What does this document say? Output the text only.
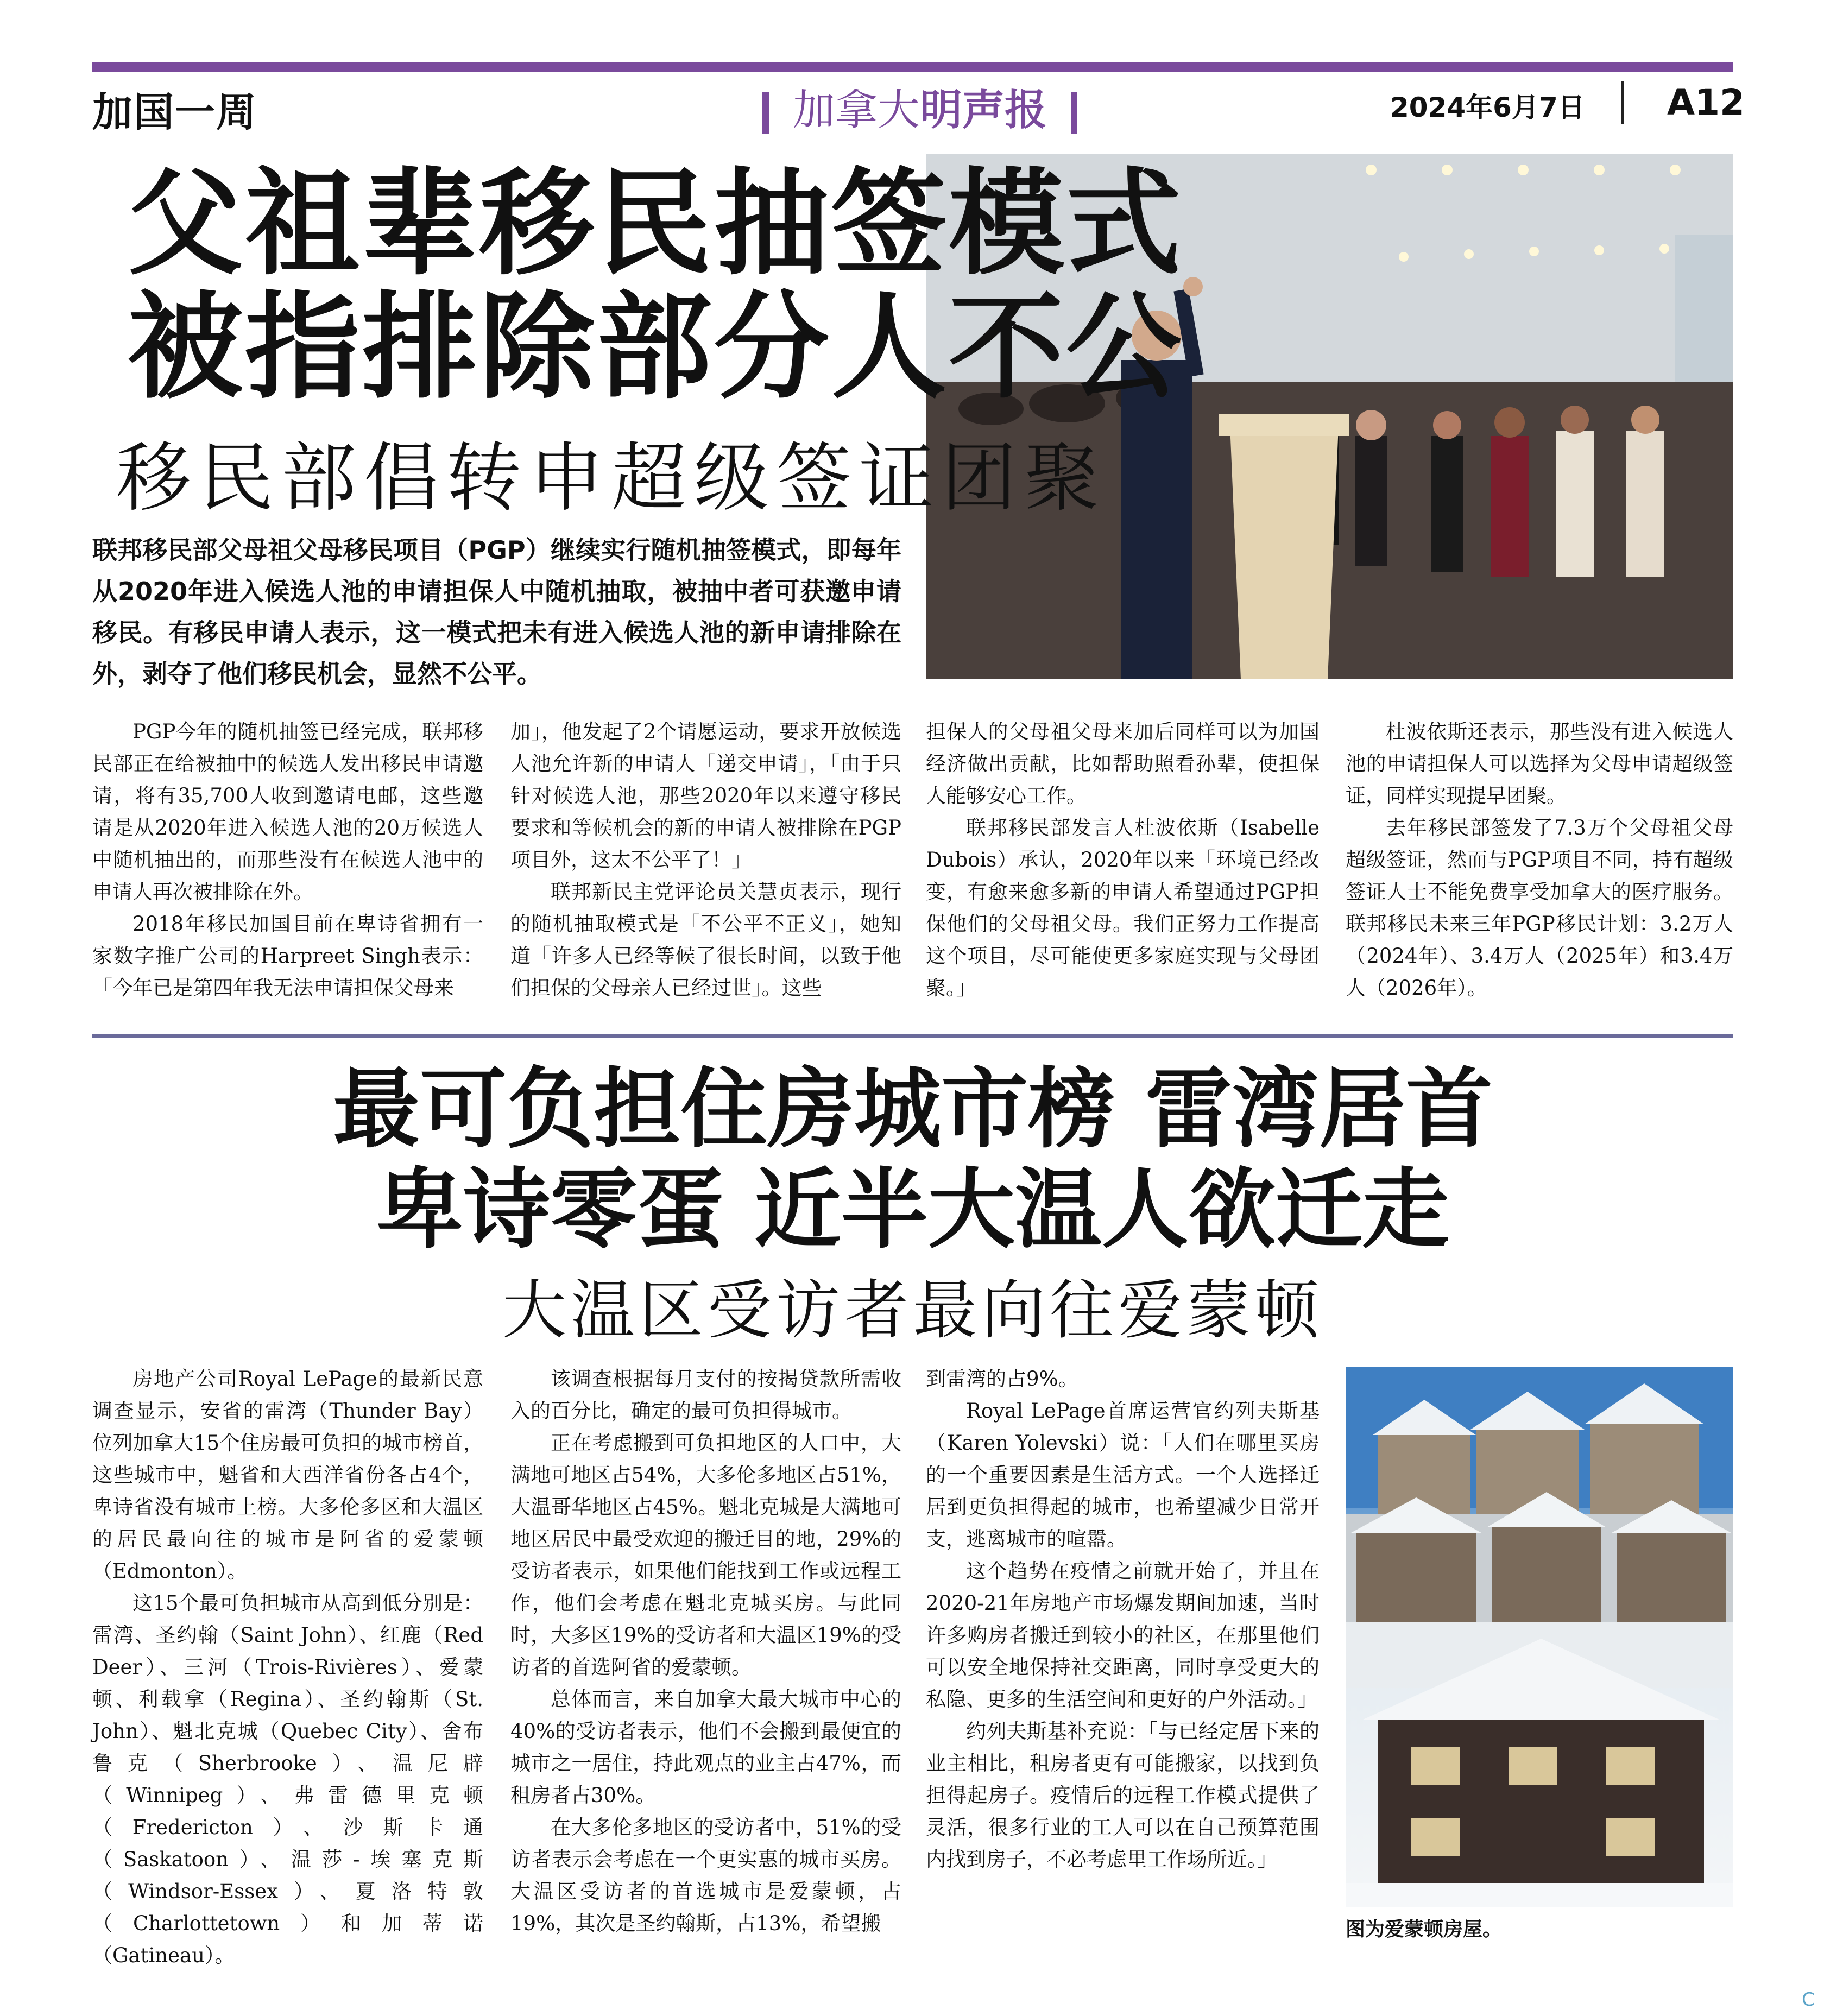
加国一周	加拿大明声报	2024年6月7日 A12
父祖辈移民抽签模式
被指排除部分人不公
移民部倡转申超级签证团聚
联邦移民部父母祖父母移民项目（PGP）继续实行随机抽签模式，即每年从2020年进入候选人池的申请担保人中随机抽取，被抽中者可获邀申请移民。有移民申请人表示，这一模式把未有进入候选人池的新申请排除在外，剥夺了他们移民机会，显然不公平。

PGP今年的随机抽签已经完成，联邦移民部正在给被抽中的候选人发出移民申请邀请，将有35,700人收到邀请电邮，这些邀请是从2020年进入候选人池的20万候选人中随机抽出的，而那些没有在候选人池中的申请人再次被排除在外。

2018年移民加国目前在卑诗省拥有一家数字推广公司的Harpreet Singh表示：「今年已是第四年我无法申请担保父母来

加」，他发起了2个请愿运动，要求开放候选人池允许新的申请人「递交申请」，「由于只针对候选人池，那些2020年以来遵守移民要求和等候机会的新的申请人被排除在PGP项目外，这太不公平了！」

联邦新民主党评论员关慧贞表示，现行的随机抽取模式是「不公平不正义」，她知道「许多人已经等候了很长时间，以致于他们担保的父母亲人已经过世」。这些

担保人的父母祖父母来加后同样可以为加国经济做出贡献，比如帮助照看孙辈，使担保人能够安心工作。

联邦移民部发言人杜波依斯（Isabelle Dubois）承认，2020年以来「环境已经改变，有愈来愈多新的申请人希望通过PGP担保他们的父母祖父母。我们正努力工作提高这个项目，尽可能使更多家庭实现与父母团聚。」

杜波依斯还表示，那些没有进入候选人池的申请担保人可以选择为父母申请超级签证，同样实现提早团聚。

去年移民部签发了7.3万个父母祖父母超级签证，然而与PGP项目不同，持有超级签证人士不能免费享受加拿大的医疗服务。联邦移民未来三年PGP移民计划：3.2万人（2024年）、3.4万人（2025年）和3.4万人（2026年）。

最可负担住房城市榜 雷湾居首
卑诗零蛋 近半大温人欲迁走
大温区受访者最向往爱蒙顿

房地产公司Royal LePage的最新民意调查显示，安省的雷湾（Thunder Bay）位列加拿大15个住房最可负担的城市榜首，这些城市中，魁省和大西洋省份各占4个，卑诗省没有城市上榜。大多伦多区和大温区的居民最向往的城市是阿省的爱蒙顿（Edmonton）。

这15个最可负担城市从高到低分别是：雷湾、圣约翰（Saint John）、红鹿（Red Deer）、三河（Trois-Rivières）、爱蒙顿、利载拿（Regina）、圣约翰斯（St. John）、魁北克城（Quebec City）、舍布鲁克（Sherbrooke）、温尼辟（Winnipeg）、弗雷德里克顿（Fredericton）、沙斯卡通（Saskatoon）、温莎-埃塞克斯（Windsor-Essex）、夏洛特敦（Charlottetown）和加蒂诺（Gatineau）。

该调查根据每月支付的按揭贷款所需收入的百分比，确定的最可负担得城市。

正在考虑搬到可负担地区的人口中，大满地可地区占54%，大多伦多地区占51%，大温哥华地区占45%。魁北克城是大满地可地区居民中最受欢迎的搬迁目的地，29%的受访者表示，如果他们能找到工作或远程工作，他们会考虑在魁北克城买房。与此同时，大多区19%的受访者和大温区19%的受访者的首选阿省的爱蒙顿。

总体而言，来自加拿大最大城市中心的40%的受访者表示，他们不会搬到最便宜的城市之一居住，持此观点的业主占47%，而租房者占30%。

在大多伦多地区的受访者中，51%的受访者表示会考虑在一个更实惠的城市买房。大温区受访者的首选城市是爱蒙顿，占19%，其次是圣约翰斯，占13%，希望搬

到雷湾的占9%。

Royal LePage首席运营官约列夫斯基（Karen Yolevski）说：「人们在哪里买房的一个重要因素是生活方式。一个人选择迁居到更负担得起的城市，也希望减少日常开支，逃离城市的喧嚣。

这个趋势在疫情之前就开始了，并且在2020-21年房地产市场爆发期间加速，当时许多购房者搬迁到较小的社区，在那里他们可以安全地保持社交距离，同时享受更大的私隐、更多的生活空间和更好的户外活动。」

约列夫斯基补充说：「与已经定居下来的业主相比，租房者更有可能搬家，以找到负担得起房子。疫情后的远程工作模式提供了灵活，很多行业的工人可以在自己预算范围内找到房子，不必考虑里工作场所近。」

图为爱蒙顿房屋。
C
